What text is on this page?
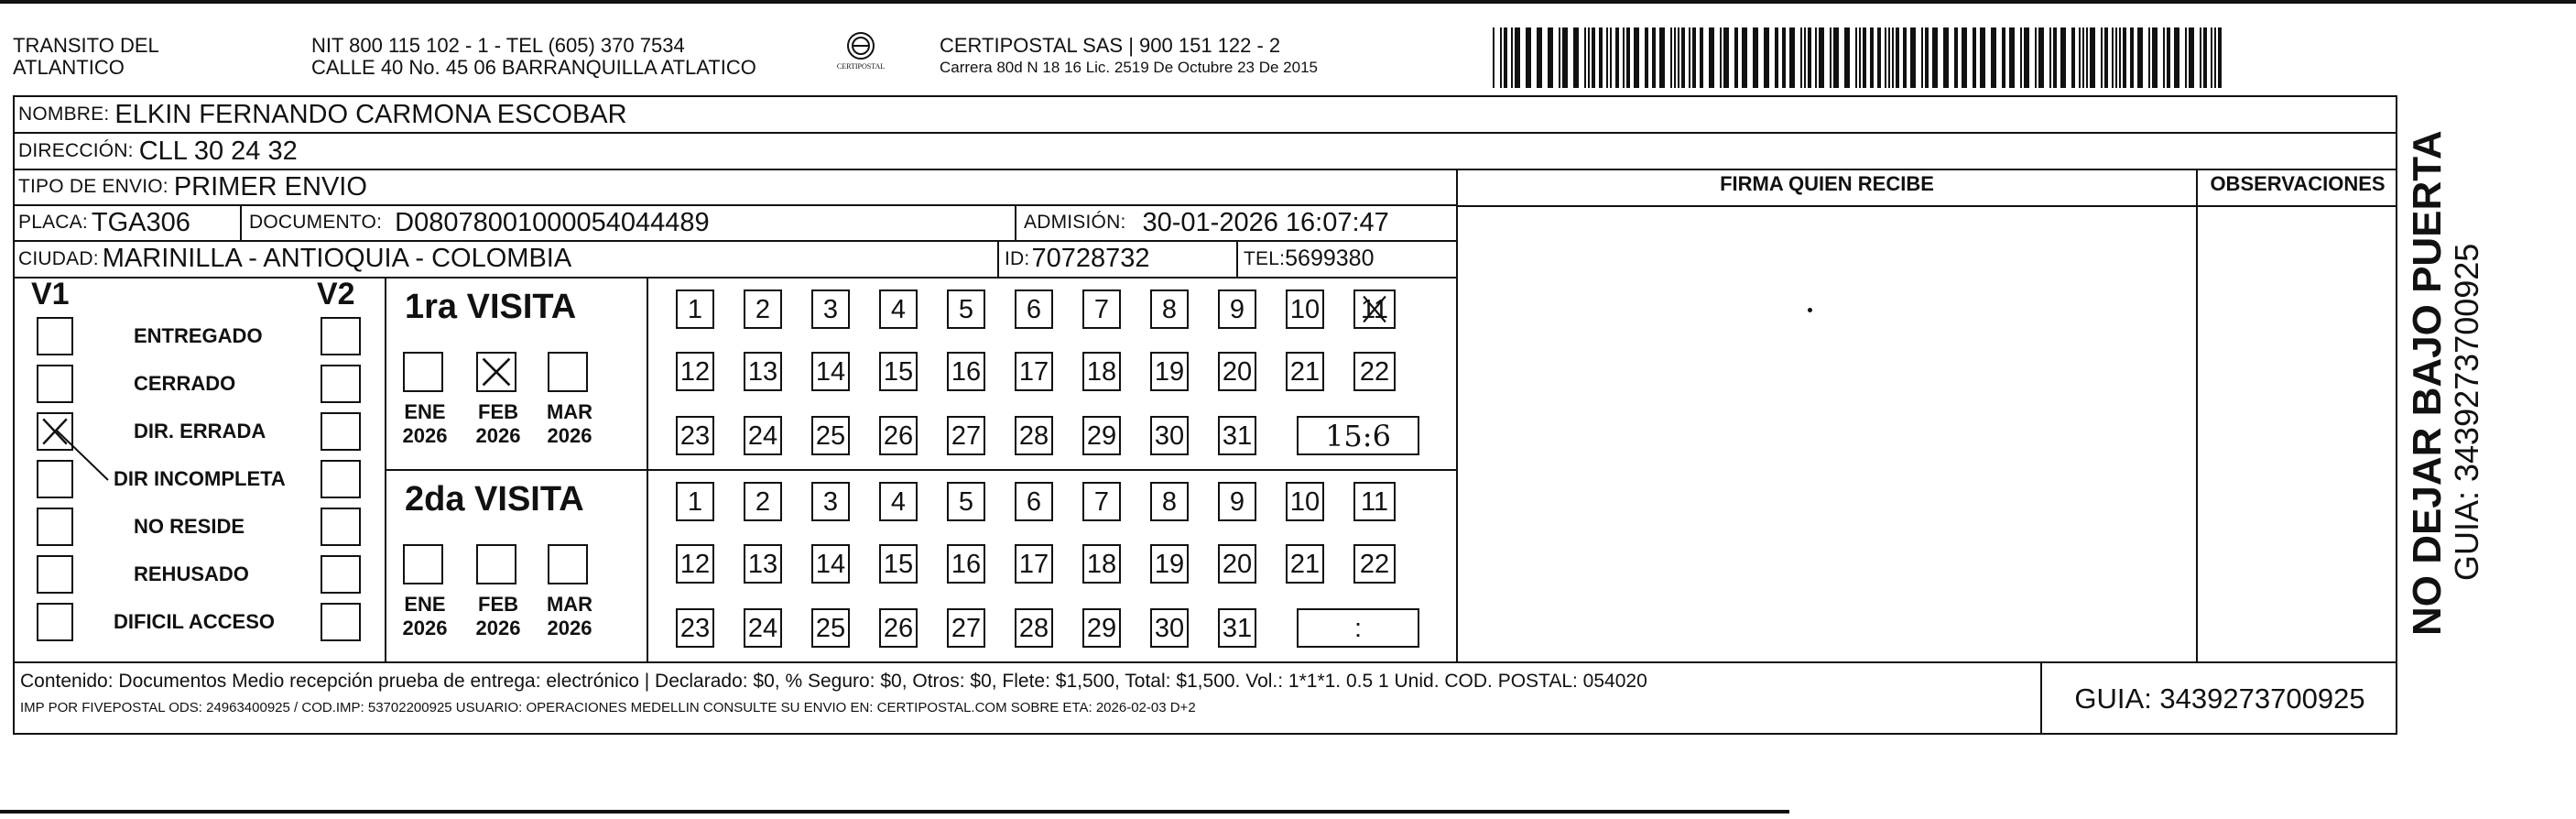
TRANSITO DEL
ATLANTICO
NIT 800 115 102 - 1 - TEL (605) 370 7534
CALLE 40 No. 45 06 BARRANQUILLA ATLATICO	CERTIPOSTAL
CERTIPOSTAL SAS | 900 151 122 - 2
Carrera 80d N 18 16 Lic. 2519 De Octubre 23 De 2015
NOMBRE: ELKIN FERNANDO CARMONA ESCOBAR
DIRECCIÓN: CLL 30 24 32
TIPO DE ENVIO: PRIMER ENVIO
PLACA: TGA306	DOCUMENTO: D08078001000054044489	ADMISIÓN: 30-01-2026 16:07:47
CIUDAD: MARINILLA - ANTIOQUIA - COLOMBIA	ID: 70728732	TEL: 5699380
FIRMA QUIEN RECIBE	OBSERVACIONES
V1	V2
ENTREGADO
CERRADO
DIR. ERRADA
DIR INCOMPLETA
NO RESIDE
REHUSADO
DIFICIL ACCESO
1ra VISITA
ENE
2026
FEB
2026
MAR
2026
1	2	3	4	5	6	7	8	9	10 11
12 13 14 15 16 17 18 19 20 21 22
23 24 25 26 27 28 29 30 31	15:6
2da VISITA
ENE
2026
FEB
2026
MAR
2026
1	2	3	4	5	6	7	8	9	10 11
12 13 14 15 16 17 18 19 20 21 22
23 24 25 26 27 28 29 30 31	:
Contenido: Documentos Medio recepción prueba de entrega: electrónico | Declarado: $0, % Seguro: $0, Otros: $0, Flete: $1,500, Total: $1,500. Vol.: 1*1*1. 0.5 1 Unid. COD. POSTAL: 054020
IMP POR FIVEPOSTAL ODS: 24963400925 / COD.IMP: 53702200925 USUARIO: OPERACIONES MEDELLIN CONSULTE SU ENVIO EN: CERTIPOSTAL.COM SOBRE ETA: 2026-02-03 D+2	GUIA: 3439273700925
NO DEJAR BAJO PUERTA
GUIA: 3439273700925
